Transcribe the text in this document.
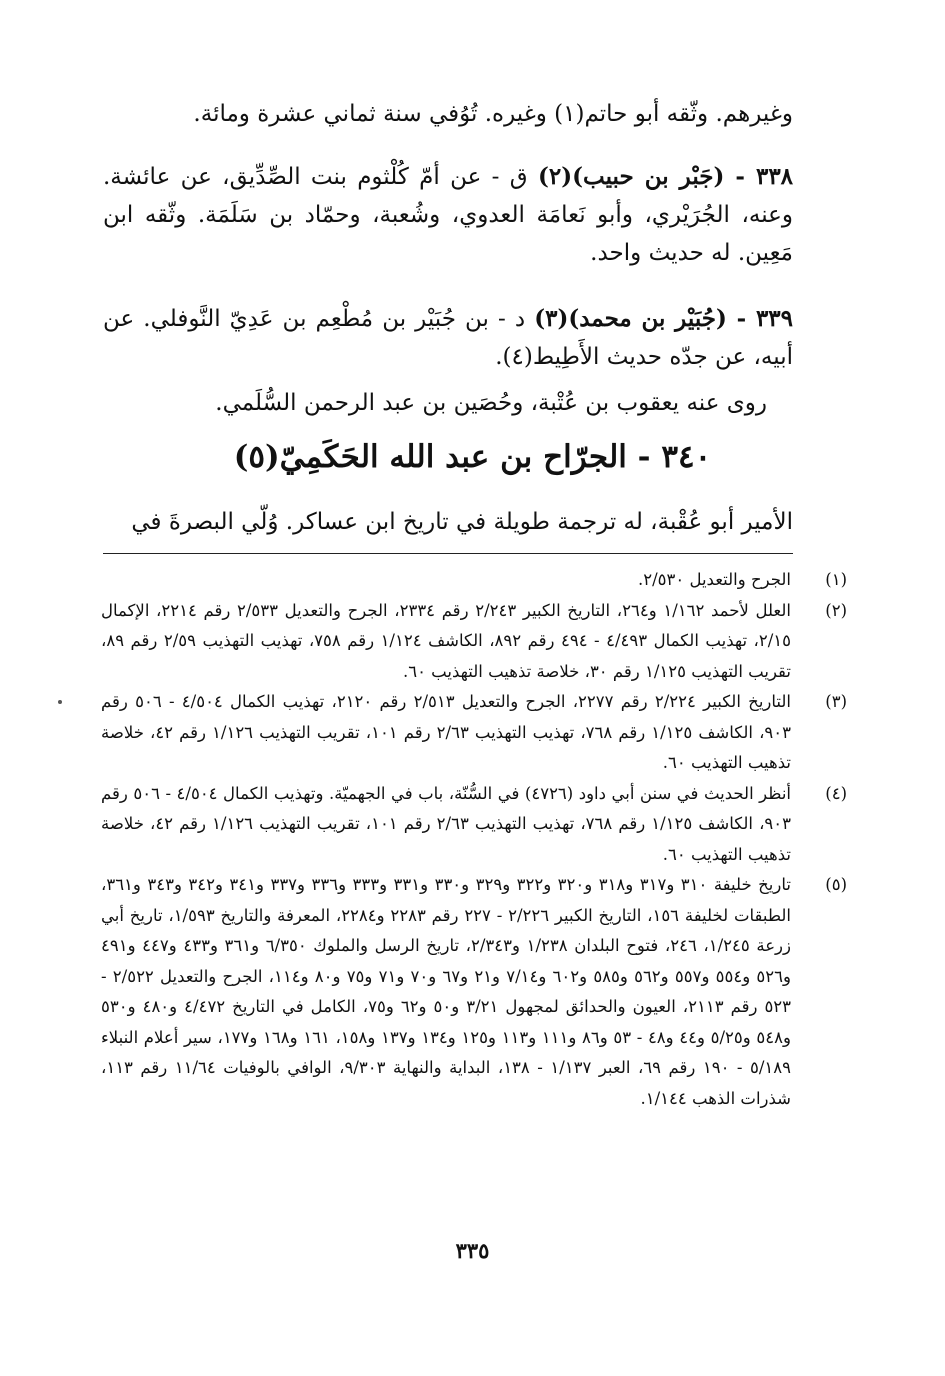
وغيرهم. وثّقه أبو حاتم(١) وغيره. تُوُفي سنة ثماني عشرة ومائة.

٣٣٨ - (جَبْر بن حبيب)(٢) ق - عن أمّ كُلْثوم بنت الصِّدِّيق، عن عائشة. وعنه، الجُرَيْري، وأبو نَعامَة العدوي، وشُعبة، وحمّاد بن سَلَمَة. وثّقه ابن مَعِين. له حديث واحد.

٣٣٩ - (جُبَيْر بن محمد)(٣) د - بن جُبَيْر بن مُطْعِم بن عَدِيّ النَّوفلي. عن أبيه، عن جدّه حديث الأَطِيط(٤).

روى عنه يعقوب بن عُتْبة، وحُصَين بن عبد الرحمن السُّلَمي.

٣٤٠ - الجرّاح بن عبد الله الحَكَمِيّ(٥)

الأمير أبو عُقْبة، له ترجمة طويلة في تاريخ ابن عساكر. وُلّي البصرةَ في

(١)
الجرح والتعديل ٢/٥٣٠.
(٢)
العلل لأحمد ١/١٦٢ و٢٦٤، التاريخ الكبير ٢/٢٤٣ رقم ٢٣٣٤، الجرح والتعديل ٢/٥٣٣ رقم ٢٢١٤، الإكمال ٢/١٥، تهذيب الكمال ٤/٤٩٣ - ٤٩٤ رقم ٨٩٢، الكاشف ١/١٢٤ رقم ٧٥٨، تهذيب التهذيب ٢/٥٩ رقم ٨٩، تقريب التهذيب ١/١٢٥ رقم ٣٠، خلاصة تذهيب التهذيب ٦٠.
(٣)
التاريخ الكبير ٢/٢٢٤ رقم ٢٢٧٧، الجرح والتعديل ٢/٥١٣ رقم ٢١٢٠، تهذيب الكمال ٤/٥٠٤ - ٥٠٦ رقم ٩٠٣، الكاشف ١/١٢٥ رقم ٧٦٨، تهذيب التهذيب ٢/٦٣ رقم ١٠١، تقريب التهذيب ١/١٢٦ رقم ٤٢، خلاصة تذهيب التهذيب ٦٠.
(٤)
أنظر الحديث في سنن أبي داود (٤٧٢٦) في السُّنّة، باب في الجهميّة. وتهذيب الكمال ٤/٥٠٤ - ٥٠٦ رقم ٩٠٣، الكاشف ١/١٢٥ رقم ٧٦٨، تهذيب التهذيب ٢/٦٣ رقم ١٠١، تقريب التهذيب ١/١٢٦ رقم ٤٢، خلاصة تذهيب التهذيب ٦٠.
(٥)
تاريخ خليفة ٣١٠ و٣١٧ و٣١٨ و٣٢٠ و٣٢٢ و٣٢٩ و٣٣٠ و٣٣١ و٣٣٣ و٣٣٦ و٣٣٧ و٣٤١ و٣٤٢ و٣٤٣ و٣٦١، الطبقات لخليفة ١٥٦، التاريخ الكبير ٢/٢٢٦ - ٢٢٧ رقم ٢٢٨٣ و٢٢٨٤، المعرفة والتاريخ ١/٥٩٣، تاريخ أبي زرعة ١/٢٤٥، ٢٤٦، فتوح البلدان ١/٢٣٨ و٢/٣٤٣، تاريخ الرسل والملوك ٦/٣٥٠ و٣٦١ و٤٣٣ و٤٤٧ و٤٩١ و٥٢٦ و٥٥٤ و٥٥٧ و٥٦٢ و٥٨٥ و٦٠٢ و٧/١٤ و٢١ و٦٧ و٧٠ و٧١ و٧٥ و٨٠ و١١٤، الجرح والتعديل ٢/٥٢٢ - ٥٢٣ رقم ٢١١٣، العيون والحدائق لمجهول ٣/٢١ و٥٠ و٦٢ و٧٥، الكامل في التاريخ ٤/٤٧٢ و٤٨٠ و٥٣٠ و٥٤٨ و٥/٢٥ و٤٤ و٤٨ - ٥٣ و٨٦ و١١١ و١١٣ و١٢٥ و١٣٤ و١٣٧ و١٥٨، ١٦١ و١٦٨ و١٧٧، سير أعلام النبلاء ٥/١٨٩ - ١٩٠ رقم ٦٩، العبر ١/١٣٧ - ١٣٨، البداية والنهاية ٩/٣٠٣، الوافي بالوفيات ١١/٦٤ رقم ١١٣، شذرات الذهب ١/١٤٤.
٣٣٥
